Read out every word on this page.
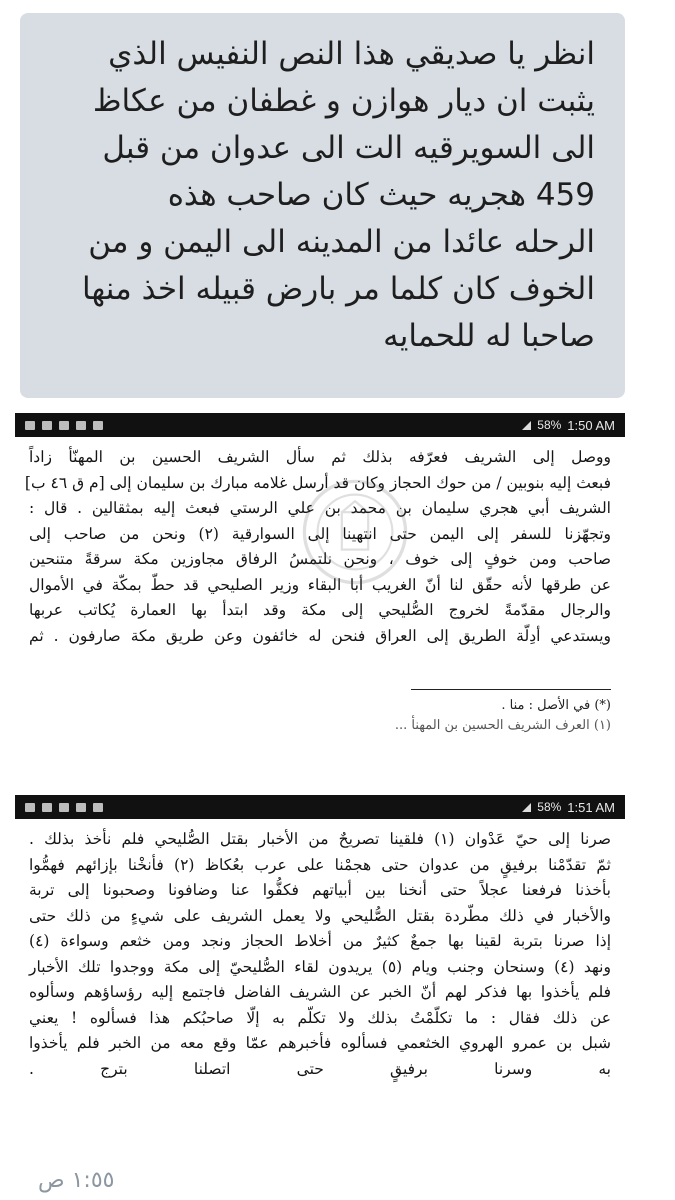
انظر يا صديقي هذا النص النفيس الذي
يثبت ان ديار هوازن و غطفان من عكاظ
الى السويرقيه الت الى عدوان من قبل
459 هجريه حيث كان صاحب هذه
الرحله عائدا من المدينه الى اليمن و من
الخوف كان كلما مر بارض قبيله اخذ منها
صاحبا له للحمايه

58% 1:50 AM
ووصل إلى الشريف فعرّفه بذلك ثم سأل الشريف الحسين بن المهنّأ زاداً
فبعث إليه بنوبين / من حوك الحجاز وكان قد أرسل غلامه مبارك بن سليمان إلى [م ق ٤٦ ب]
الشريف أبي هجري سليمان بن محمد بن علي الرستي فبعث إليه بمثقالين . قال :
وتجهّزنا للسفر إلى اليمن حتى انتهينا إلى السوارقية (٢) ونحن من صاحب إلى
صاحب ومن خوفٍ إلى خوف ، ونحن نلتمسُ الرفاق مجاوزين مكة سرقةً متنحين
عن طرقها لأنه حقّق لنا أنّ الغريب أبا البقاء وزير الصليحي قد حطّ بمكّة في الأموال
والرجال مقدّمةً لخروج الصُّليحي إلى مكة وقد ابتدأ بها العمارة يُكاتب عربها
ويستدعي أدِلّة الطريق إلى العراق فنحن له خائفون وعن طريق مكة صارفون . ثم
(*) في الأصل : منا .
(١) العرف الشريف الحسين بن المهنأ ...
58% 1:51 AM
صرنا إلى حيّ عَدْوان (١) فلقينا تصريحٌ من الأخبار بقتل الصُّليحي فلم نأخذ بذلك .
ثمّ تقدّمْنا برفيقٍ من عدوان حتى هجمْنا على عرب بعُكاظ (٢) فأنخْنا بإزائهم فهمُّوا
بأخذنا فرفعنا عجلاً حتى أنخنا بين أبياتهم فكفُّوا عنا وضافونا وصحبونا إلى تربة
والأخبار في ذلك مطّردة بقتل الصُّليحي ولا يعمل الشريف على شيءٍ من ذلك حتى
إذا صرنا بتربة لقينا بها جمعٌ كثيرٌ من أخلاط الحجاز ونجد ومن خثعم وسواءة (٤)
ونهد (٤) وسنحان وجنب ويام (٥) يريدون لقاء الصُّليحيّ إلى مكة ووجدوا تلك الأخبار
فلم يأخذوا بها فذكر لهم أنّ الخبر عن الشريف الفاضل فاجتمع إليه رؤساؤهم وسألوه
عن ذلك فقال : ما تكلّمْتُ بذلك ولا تكلّم به إلّا صاحبُكم هذا فسألوه ! يعني
شبل بن عمرو الهروي الخثعمي فسألوه فأخبرهم عمّا وقع معه من الخبر فلم يأخذوا
به وسرنا برفيقٍ حتى اتصلنا بترج .
١:٥٥ ص
